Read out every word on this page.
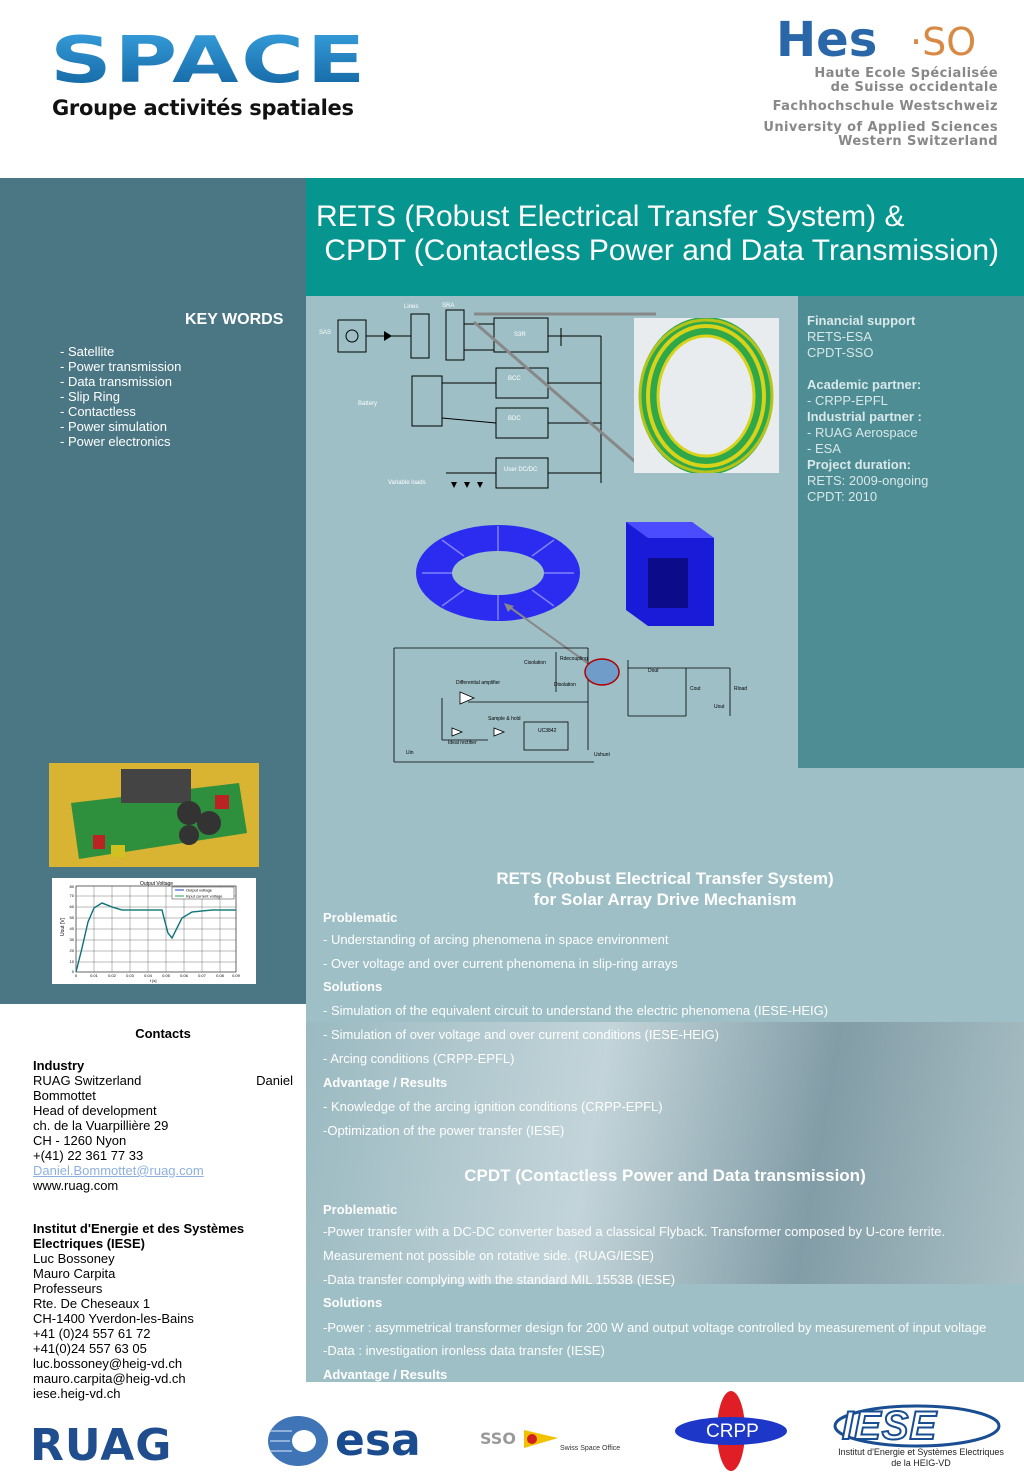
SPACE
Groupe activités spatiales
Hes ·SO
Haute Ecole Spécialisée
de Suisse occidentale
Fachhochschule Westschweiz
University of Applied Sciences
Western Switzerland
RETS (Robust Electrical Transfer System) &
CPDT (Contactless Power and Data Transmission)
KEY WORDS
- Satellite
- Power transmission
- Data transmission
- Slip Ring
- Contactless
- Power simulation
- Power electronics
Financial support
RETS-ESA
CPDT-SSO
Academic partner:
- CRPP-EPFL
Industrial partner :
- RUAG Aerospace
- ESA
Project duration:
RETS: 2009-ongoing
CPDT: 2010
Lines	SRA
SAS	S3R
BCC
Battery
BDC
User DC/DC
Variable loads
Cisolation
Rdecoupling
Differential amplifier	Disolation
Dout
Cout	Rload
Uout
Sample & hold
Ideal rectifier
UC3842
Ushunt
Uin
Output Voltage
Output voltage
Input current voltage
Uout [V]
t [s]
0
10
20
30
40
50
60
70
80
0	0.01	0.02	0.03	0.04	0.05	0.06	0.07	0.08 0.09
RETS (Robust Electrical Transfer System)
for Solar Array Drive Mechanism
Problematic
- Understanding of arcing phenomena in space environment
- Over voltage and over current phenomena in slip-ring arrays
Solutions
- Simulation of the equivalent circuit to understand the electric phenomena (IESE-HEIG)
- Simulation of over voltage and over current conditions (IESE-HEIG)
- Arcing conditions (CRPP-EPFL)
Advantage / Results
- Knowledge of the arcing ignition conditions (CRPP-EPFL)
-Optimization of the power transfer (IESE)
CPDT (Contactless Power and Data transmission)
Problematic
-Power transfer with a DC-DC converter based a classical Flyback. Transformer composed by U-core ferrite.
Measurement not possible on rotative side. (RUAG/IESE)
-Data transfer complying with the standard MIL 1553B (IESE)
Solutions
-Power : asymmetrical transformer design for 200 W and output voltage controlled by measurement of input voltage
-Data : investigation ironless data transfer (IESE)
Advantage / Results
Contacts
Industry
RUAG Switzerland	Daniel
Bommottet
Head of development
ch. de la Vuarpillière 29
CH - 1260 Nyon
+(41) 22 361 77 33
Daniel.Bommottet@ruag.com
www.ruag.com
Institut d'Energie et des Systèmes Electriques (IESE)
Luc Bossoney
Mauro Carpita
Professeurs
Rte. De Cheseaux 1
CH-1400 Yverdon-les-Bains
+41 (0)24 557 61 72
+41(0)24 557 63 05
luc.bossoney@heig-vd.ch
mauro.carpita@heig-vd.ch
iese.heig-vd.ch
RUAG	esa	SSO
Swiss Space Office
CRPP IESE
Institut d'Energie et Systèmes Electriques de la HEIG-VD
